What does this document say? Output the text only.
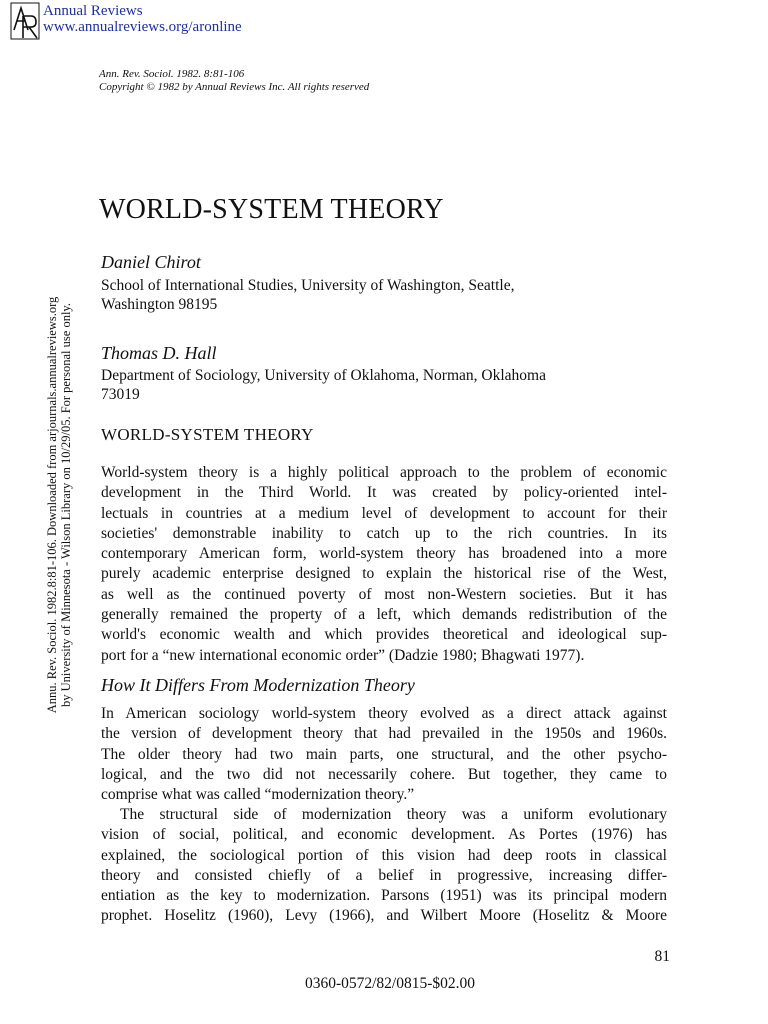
Annual Reviews
www.annualreviews.org/aronline
Ann. Rev. Sociol. 1982. 8:81-106
Copyright © 1982 by Annual Reviews Inc. All rights reserved
Annu. Rev. Sociol. 1982.8:81-106. Downloaded from arjournals.annualreviews.org by University of Minnesota - Wilson Library on 10/29/05. For personal use only.
WORLD-SYSTEM THEORY
Daniel Chirot
School of International Studies, University of Washington, Seattle,
Washington 98195
Thomas D. Hall
Department of Sociology, University of Oklahoma, Norman, Oklahoma
73019
WORLD-SYSTEM THEORY

World-system theory is a highly political approach to the problem of economic
development in the Third World. It was created by policy-oriented intel-
lectuals in countries at a medium level of development to account for their
societies' demonstrable inability to catch up to the rich countries. In its
contemporary American form, world-system theory has broadened into a more
purely academic enterprise designed to explain the historical rise of the West,
as well as the continued poverty of most non-Western societies. But it has
generally remained the property of a left, which demands redistribution of the
world's economic wealth and which provides theoretical and ideological sup-
port for a “new international economic order” (Dadzie 1980; Bhagwati 1977).

How It Differs From Modernization Theory

In American sociology world-system theory evolved as a direct attack against
the version of development theory that had prevailed in the 1950s and 1960s.
The older theory had two main parts, one structural, and the other psycho-
logical, and the two did not necessarily cohere. But together, they came to
comprise what was called “modernization theory.”

The structural side of modernization theory was a uniform evolutionary
vision of social, political, and economic development. As Portes (1976) has
explained, the sociological portion of this vision had deep roots in classical
theory and consisted chiefly of a belief in progressive, increasing differ-
entiation as the key to modernization. Parsons (1951) was its principal modern
prophet. Hoselitz (1960), Levy (1966), and Wilbert Moore (Hoselitz & Moore

81
0360-0572/82/0815-$02.00
